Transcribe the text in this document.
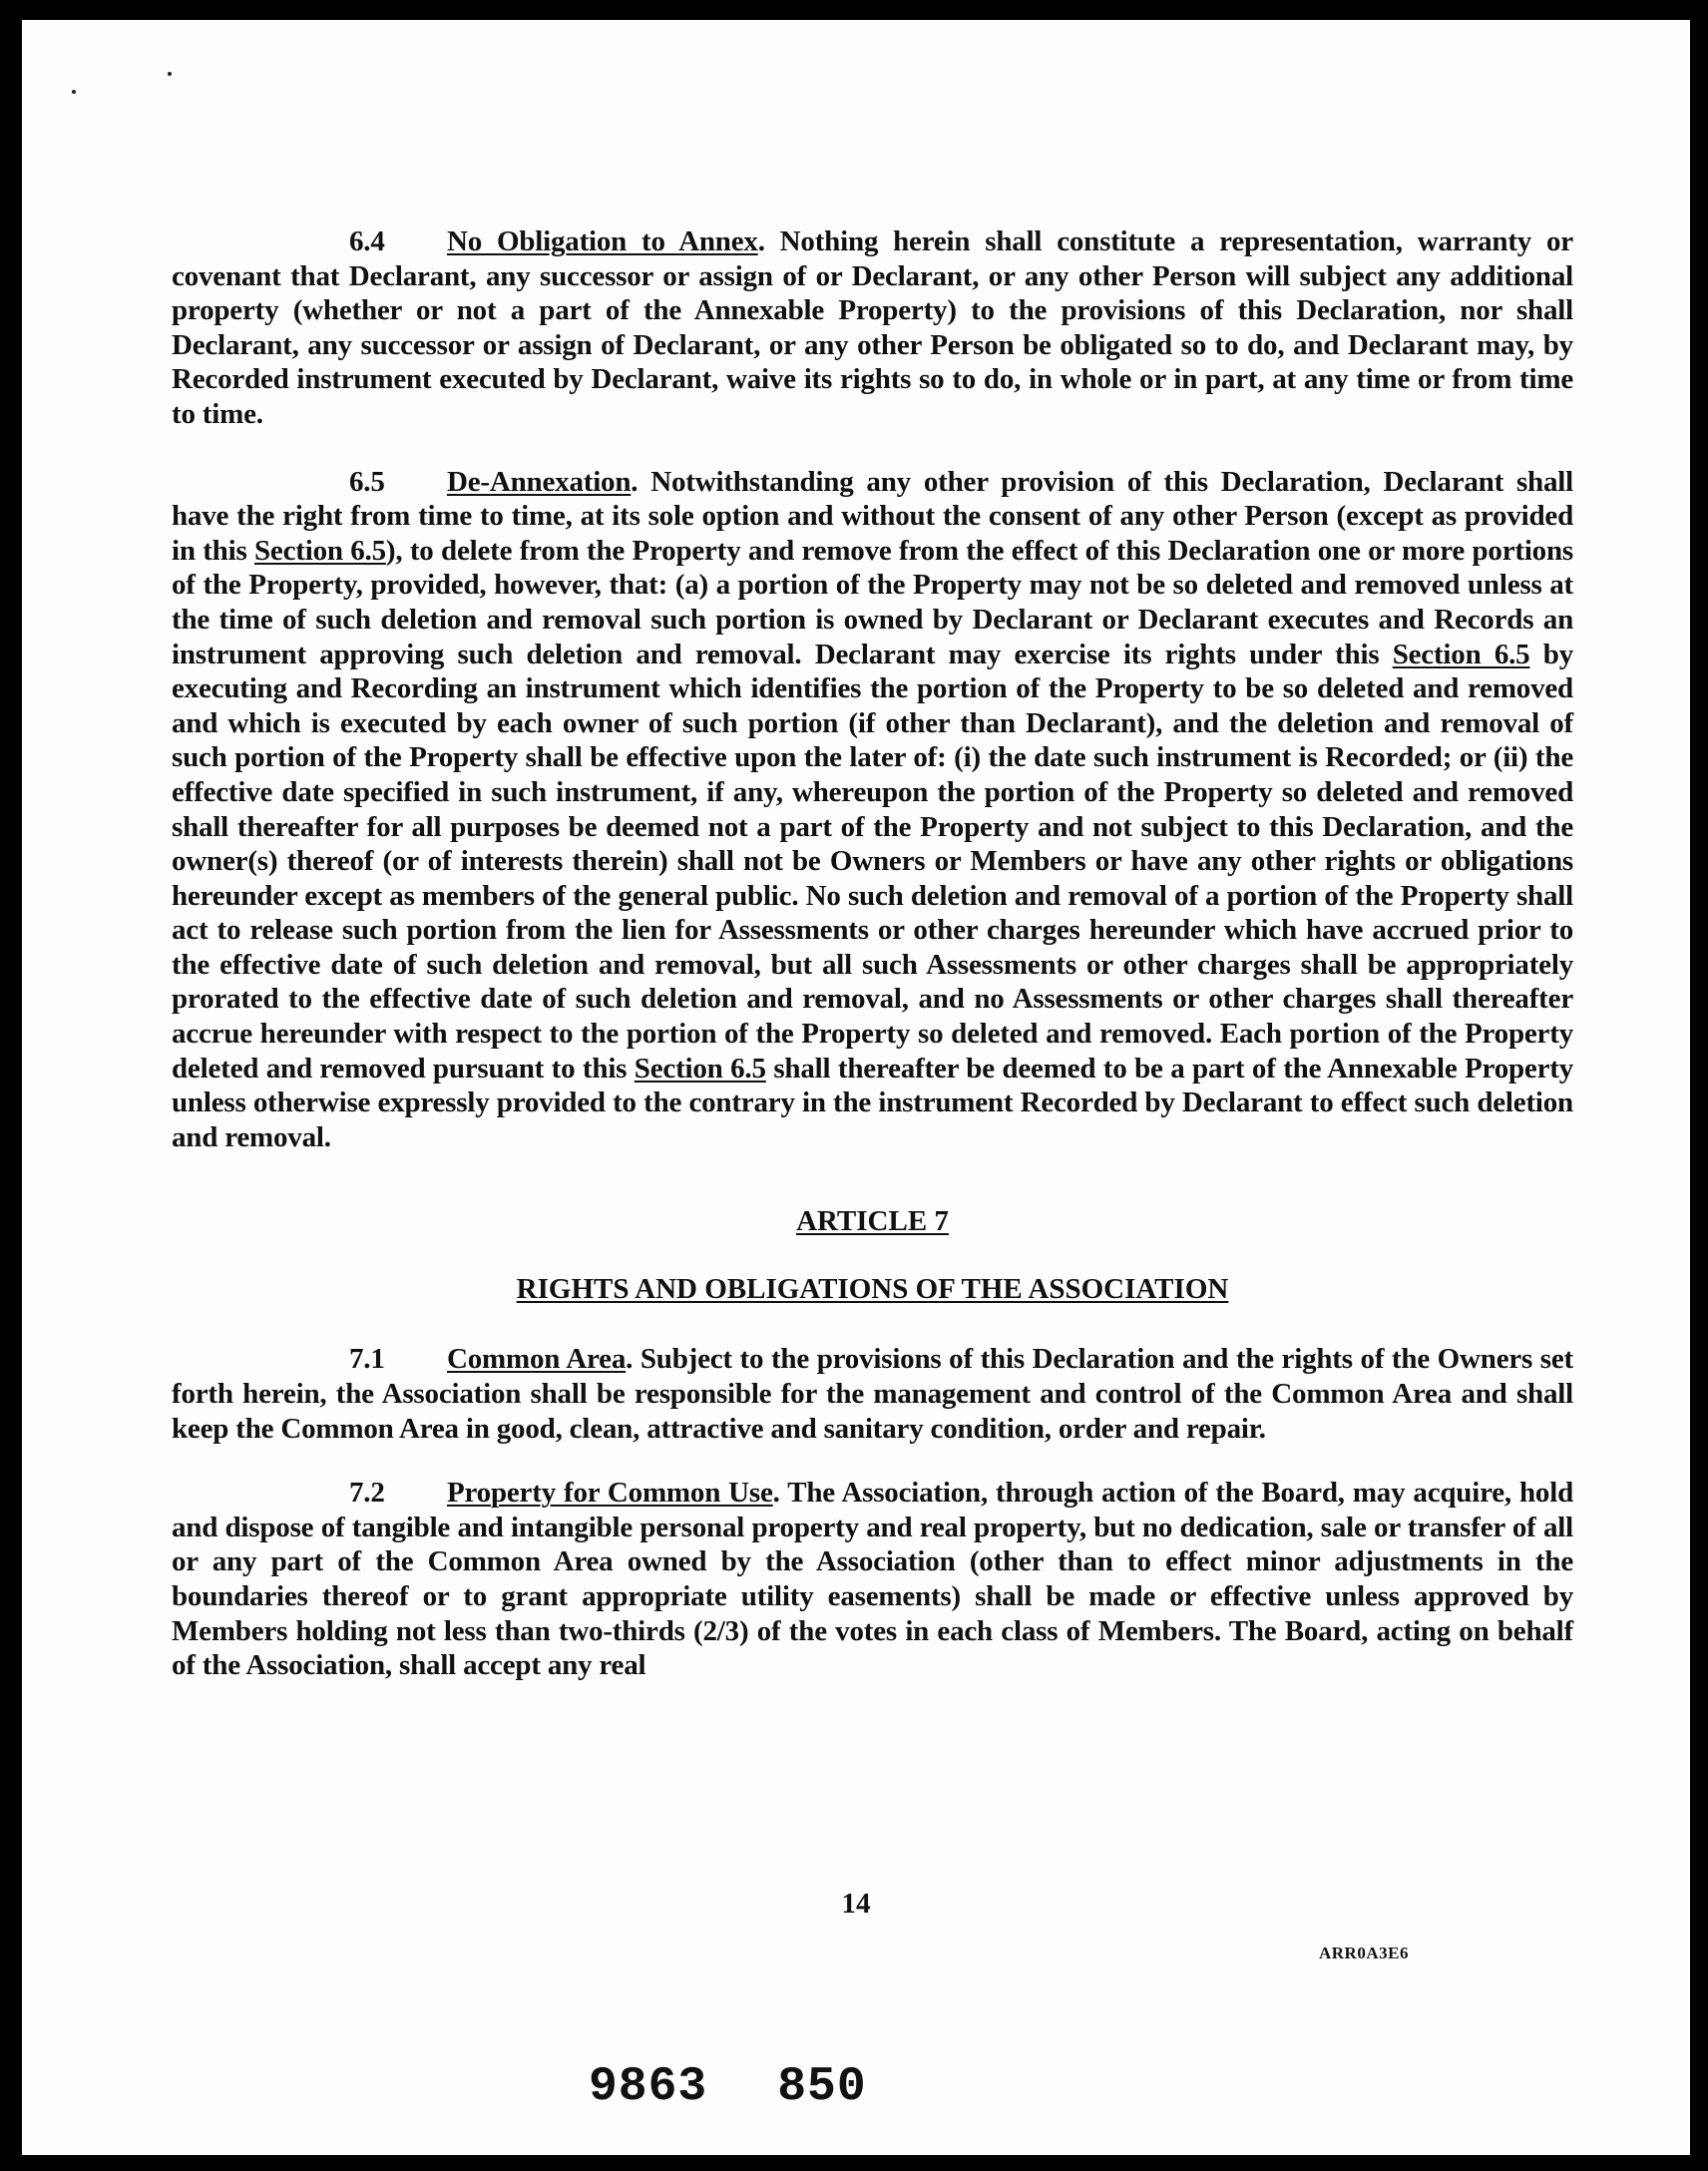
6.4 No Obligation to Annex. Nothing herein shall constitute a representation, warranty or covenant that Declarant, any successor or assign of or Declarant, or any other Person will subject any additional property (whether or not a part of the Annexable Property) to the provisions of this Declaration, nor shall Declarant, any successor or assign of Declarant, or any other Person be obligated so to do, and Declarant may, by Recorded instrument executed by Declarant, waive its rights so to do, in whole or in part, at any time or from time to time.

6.5 De-Annexation. Notwithstanding any other provision of this Declaration, Declarant shall have the right from time to time, at its sole option and without the consent of any other Person (except as provided in this Section 6.5), to delete from the Property and remove from the effect of this Declaration one or more portions of the Property, provided, however, that: (a) a portion of the Property may not be so deleted and removed unless at the time of such deletion and removal such portion is owned by Declarant or Declarant executes and Records an instrument approving such deletion and removal. Declarant may exercise its rights under this Section 6.5 by executing and Recording an instrument which identifies the portion of the Property to be so deleted and removed and which is executed by each owner of such portion (if other than Declarant), and the deletion and removal of such portion of the Property shall be effective upon the later of: (i) the date such instrument is Recorded; or (ii) the effective date specified in such instrument, if any, whereupon the portion of the Property so deleted and removed shall thereafter for all purposes be deemed not a part of the Property and not subject to this Declaration, and the owner(s) thereof (or of interests therein) shall not be Owners or Members or have any other rights or obligations hereunder except as members of the general public. No such deletion and removal of a portion of the Property shall act to release such portion from the lien for Assessments or other charges hereunder which have accrued prior to the effective date of such deletion and removal, but all such Assessments or other charges shall be appropriately prorated to the effective date of such deletion and removal, and no Assessments or other charges shall thereafter accrue hereunder with respect to the portion of the Property so deleted and removed. Each portion of the Property deleted and removed pursuant to this Section 6.5 shall thereafter be deemed to be a part of the Annexable Property unless otherwise expressly provided to the contrary in the instrument Recorded by Declarant to effect such deletion and removal.

ARTICLE 7

RIGHTS AND OBLIGATIONS OF THE ASSOCIATION

7.1 Common Area. Subject to the provisions of this Declaration and the rights of the Owners set forth herein, the Association shall be responsible for the management and control of the Common Area and shall keep the Common Area in good, clean, attractive and sanitary condition, order and repair.

7.2 Property for Common Use. The Association, through action of the Board, may acquire, hold and dispose of tangible and intangible personal property and real property, but no dedication, sale or transfer of all or any part of the Common Area owned by the Association (other than to effect minor adjustments in the boundaries thereof or to grant appropriate utility easements) shall be made or effective unless approved by Members holding not less than two-thirds (2/3) of the votes in each class of Members. The Board, acting on behalf of the Association, shall accept any real

14
ARR0A3E6
9863 850
